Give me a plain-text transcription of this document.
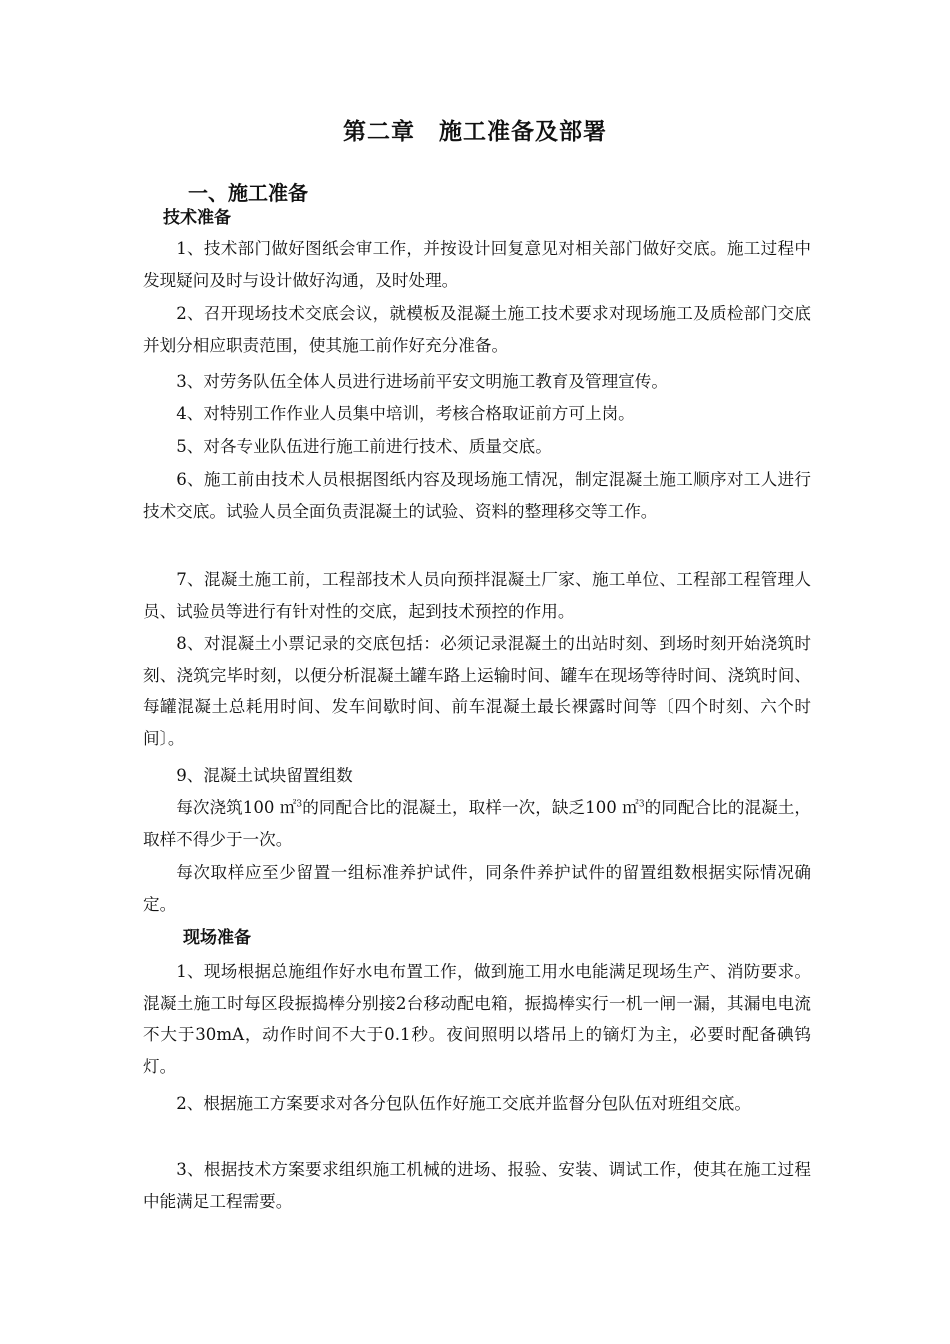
第二章　施工准备及部署
一、施工准备
技术准备

1、技术部门做好图纸会审工作，并按设计回复意见对相关部门做好交底。施工过程中发现疑问及时与设计做好沟通，及时处理。

2、召开现场技术交底会议，就模板及混凝土施工技术要求对现场施工及质检部门交底并划分相应职责范围，使其施工前作好充分准备。

3、对劳务队伍全体人员进行进场前平安文明施工教育及管理宣传。

4、对特别工作作业人员集中培训，考核合格取证前方可上岗。

5、对各专业队伍进行施工前进行技术、质量交底。

6、施工前由技术人员根据图纸内容及现场施工情况，制定混凝土施工顺序对工人进行技术交底。试验人员全面负责混凝土的试验、资料的整理移交等工作。

7、混凝土施工前，工程部技术人员向预拌混凝土厂家、施工单位、工程部工程管理人员、试验员等进行有针对性的交底，起到技术预控的作用。

8、对混凝土小票记录的交底包括：必须记录混凝土的出站时刻、到场时刻开始浇筑时刻、浇筑完毕时刻，以便分析混凝土罐车路上运输时间、罐车在现场等待时间、浇筑时间、每罐混凝土总耗用时间、发车间歇时间、前车混凝土最长裸露时间等〔四个时刻、六个时间〕。

9、混凝土试块留置组数

每次浇筑100 ㎡$^3$的同配合比的混凝土，取样一次，缺乏100 ㎡$^3$的同配合比的混凝土，取样不得少于一次。

每次取样应至少留置一组标准养护试件，同条件养护试件的留置组数根据实际情况确定。

现场准备

1、现场根据总施组作好水电布置工作，做到施工用水电能满足现场生产、消防要求。混凝土施工时每区段振捣棒分别接2台移动配电箱，振捣棒实行一机一闸一漏，其漏电电流不大于30mA，动作时间不大于0.1秒。夜间照明以塔吊上的镝灯为主，必要时配备碘钨灯。

2、根据施工方案要求对各分包队伍作好施工交底并监督分包队伍对班组交底。

3、根据技术方案要求组织施工机械的进场、报验、安装、调试工作，使其在施工过程中能满足工程需要。
